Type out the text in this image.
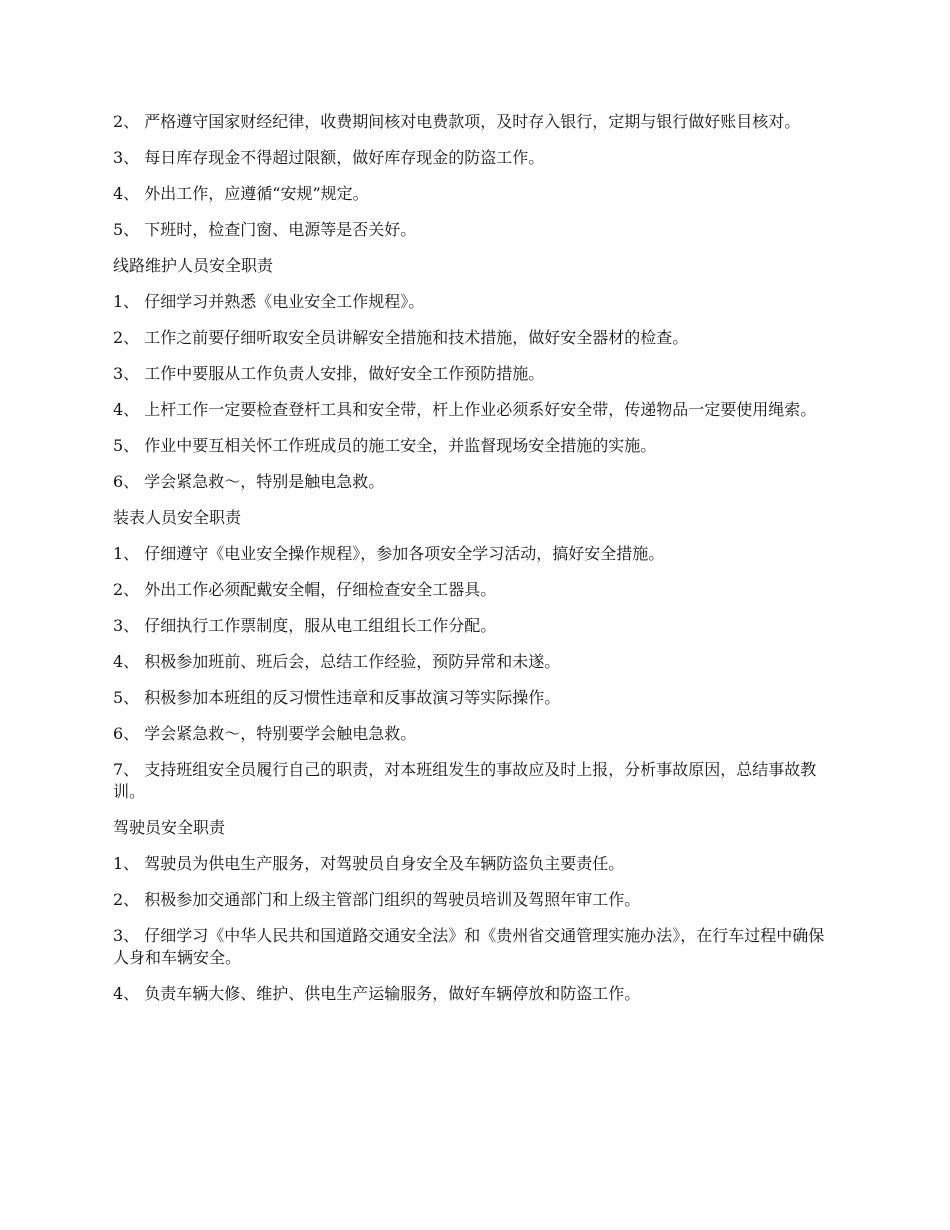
2、 严格遵守国家财经纪律，收费期间核对电费款项，及时存入银行，定期与银行做好账目核对。

3、 每日库存现金不得超过限额，做好库存现金的防盗工作。

4、 外出工作，应遵循“安规”规定。

5、 下班时，检查门窗、电源等是否关好。

线路维护人员安全职责

1、 仔细学习并熟悉《电业安全工作规程》。

2、 工作之前要仔细听取安全员讲解安全措施和技术措施，做好安全器材的检查。

3、 工作中要服从工作负责人安排，做好安全工作预防措施。

4、 上杆工作一定要检查登杆工具和安全带，杆上作业必须系好安全带，传递物品一定要使用绳索。

5、 作业中要互相关怀工作班成员的施工安全，并监督现场安全措施的实施。

6、 学会紧急救～，特别是触电急救。

装表人员安全职责

1、 仔细遵守《电业安全操作规程》，参加各项安全学习活动，搞好安全措施。

2、 外出工作必须配戴安全帽，仔细检查安全工器具。

3、 仔细执行工作票制度，服从电工组组长工作分配。

4、 积极参加班前、班后会，总结工作经验，预防异常和未遂。

5、 积极参加本班组的反习惯性违章和反事故演习等实际操作。

6、 学会紧急救～，特别要学会触电急救。

7、 支持班组安全员履行自己的职责，对本班组发生的事故应及时上报，分析事故原因，总结事故教训。

驾驶员安全职责

1、 驾驶员为供电生产服务，对驾驶员自身安全及车辆防盗负主要责任。

2、 积极参加交通部门和上级主管部门组织的驾驶员培训及驾照年审工作。

3、 仔细学习《中华人民共和国道路交通安全法》和《贵州省交通管理实施办法》，在行车过程中确保人身和车辆安全。

4、 负责车辆大修、维护、供电生产运输服务，做好车辆停放和防盗工作。
